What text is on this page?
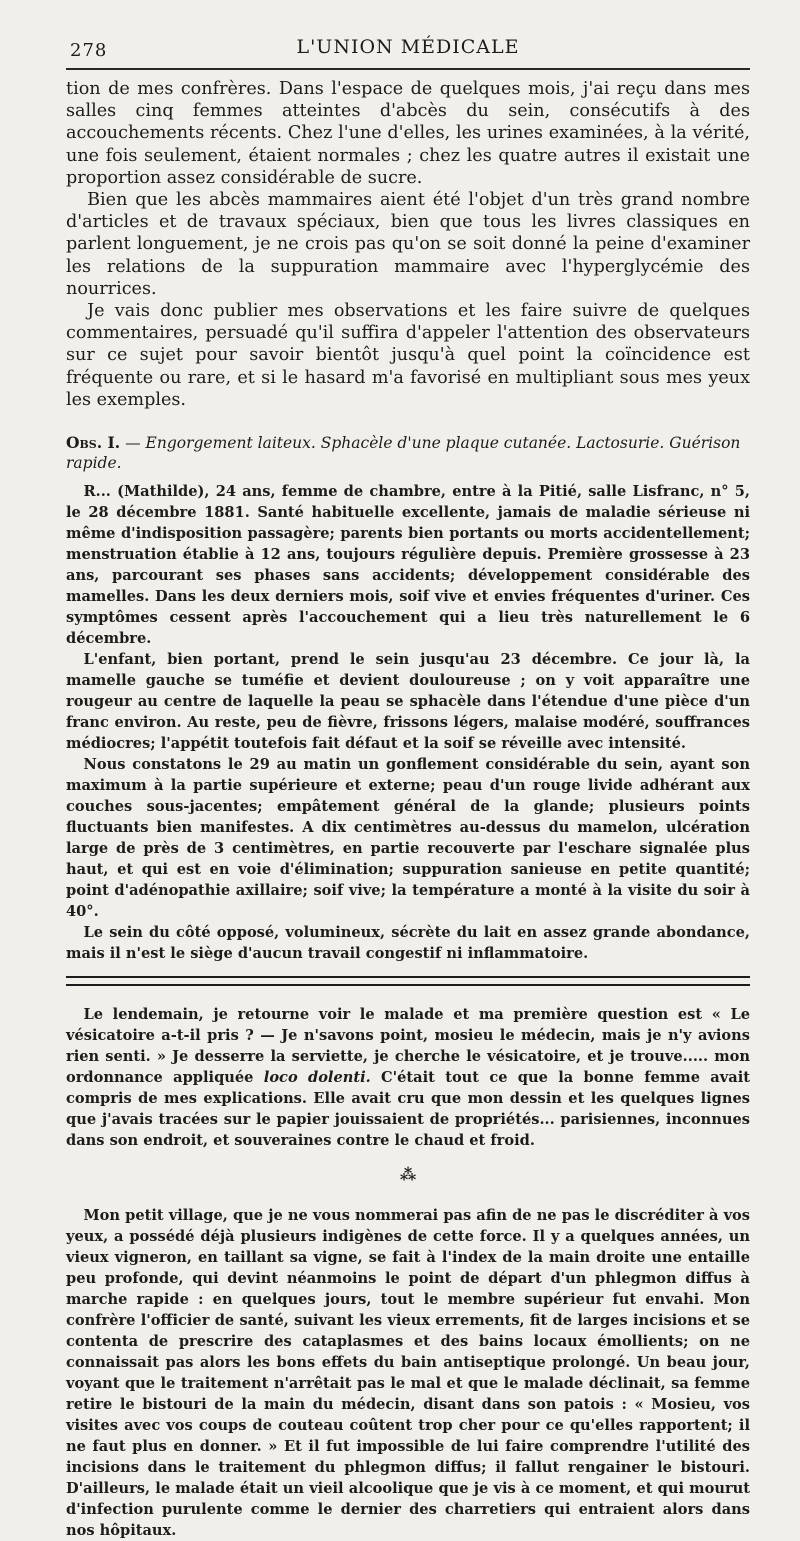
278	L'UNION MÉDICALE

tion de mes confrères. Dans l'espace de quelques mois, j'ai reçu dans mes salles cinq femmes atteintes d'abcès du sein, consécutifs à des accouchements récents. Chez l'une d'elles, les urines examinées, à la vérité, une fois seulement, étaient normales ; chez les quatre autres il existait une proportion assez considérable de sucre.

Bien que les abcès mammaires aient été l'objet d'un très grand nombre d'articles et de travaux spéciaux, bien que tous les livres classiques en parlent longuement, je ne crois pas qu'on se soit donné la peine d'examiner les relations de la suppuration mammaire avec l'hyperglycémie des nourrices.

Je vais donc publier mes observations et les faire suivre de quelques commentaires, persuadé qu'il suffira d'appeler l'attention des observateurs sur ce sujet pour savoir bientôt jusqu'à quel point la coïncidence est fréquente ou rare, et si le hasard m'a favorisé en multipliant sous mes yeux les exemples.

Obs. I. — Engorgement laiteux. Sphacèle d'une plaque cutanée. Lactosurie. Guérison rapide.

R... (Mathilde), 24 ans, femme de chambre, entre à la Pitié, salle Lisfranc, n° 5, le 28 décembre 1881. Santé habituelle excellente, jamais de maladie sérieuse ni même d'indisposition passagère; parents bien portants ou morts accidentellement; menstruation établie à 12 ans, toujours régulière depuis. Première grossesse à 23 ans, parcourant ses phases sans accidents; développement considérable des mamelles. Dans les deux derniers mois, soif vive et envies fréquentes d'uriner. Ces symptômes cessent après l'accouchement qui a lieu très naturellement le 6 décembre.

L'enfant, bien portant, prend le sein jusqu'au 23 décembre. Ce jour là, la mamelle gauche se tuméfie et devient douloureuse ; on y voit apparaître une rougeur au centre de laquelle la peau se sphacèle dans l'étendue d'une pièce d'un franc environ. Au reste, peu de fièvre, frissons légers, malaise modéré, souffrances médiocres; l'appétit toutefois fait défaut et la soif se réveille avec intensité.

Nous constatons le 29 au matin un gonflement considérable du sein, ayant son maximum à la partie supérieure et externe; peau d'un rouge livide adhérant aux couches sous-jacentes; empâtement général de la glande; plusieurs points fluctuants bien manifestes. A dix centimètres au-dessus du mamelon, ulcération large de près de 3 centimètres, en partie recouverte par l'eschare signalée plus haut, et qui est en voie d'élimination; suppuration sanieuse en petite quantité; point d'adénopathie axillaire; soif vive; la température a monté à la visite du soir à 40°.

Le sein du côté opposé, volumineux, sécrète du lait en assez grande abondance, mais il n'est le siège d'aucun travail congestif ni inflammatoire.

Le lendemain, je retourne voir le malade et ma première question est « Le vésicatoire a-t-il pris ? — Je n'savons point, mosieu le médecin, mais je n'y avions rien senti. » Je desserre la serviette, je cherche le vésicatoire, et je trouve..... mon ordonnance appliquée loco dolenti. C'était tout ce que la bonne femme avait compris de mes explications. Elle avait cru que mon dessin et les quelques lignes que j'avais tracées sur le papier jouissaient de propriétés... parisiennes, inconnues dans son endroit, et souveraines contre le chaud et froid.

⁂

Mon petit village, que je ne vous nommerai pas afin de ne pas le discréditer à vos yeux, a possédé déjà plusieurs indigènes de cette force. Il y a quelques années, un vieux vigneron, en taillant sa vigne, se fait à l'index de la main droite une entaille peu profonde, qui devint néanmoins le point de départ d'un phlegmon diffus à marche rapide : en quelques jours, tout le membre supérieur fut envahi. Mon confrère l'officier de santé, suivant les vieux errements, fit de larges incisions et se contenta de prescrire des cataplasmes et des bains locaux émollients; on ne connaissait pas alors les bons effets du bain antiseptique prolongé. Un beau jour, voyant que le traitement n'arrêtait pas le mal et que le malade déclinait, sa femme retire le bistouri de la main du médecin, disant dans son patois : « Mosieu, vos visites avec vos coups de couteau coûtent trop cher pour ce qu'elles rapportent; il ne faut plus en donner. » Et il fut impossible de lui faire comprendre l'utilité des incisions dans le traitement du phlegmon diffus; il fallut rengainer le bistouri. D'ailleurs, le malade était un vieil alcoolique que je vis à ce moment, et qui mourut d'infection purulente comme le dernier des charretiers qui entraient alors dans nos hôpitaux.
